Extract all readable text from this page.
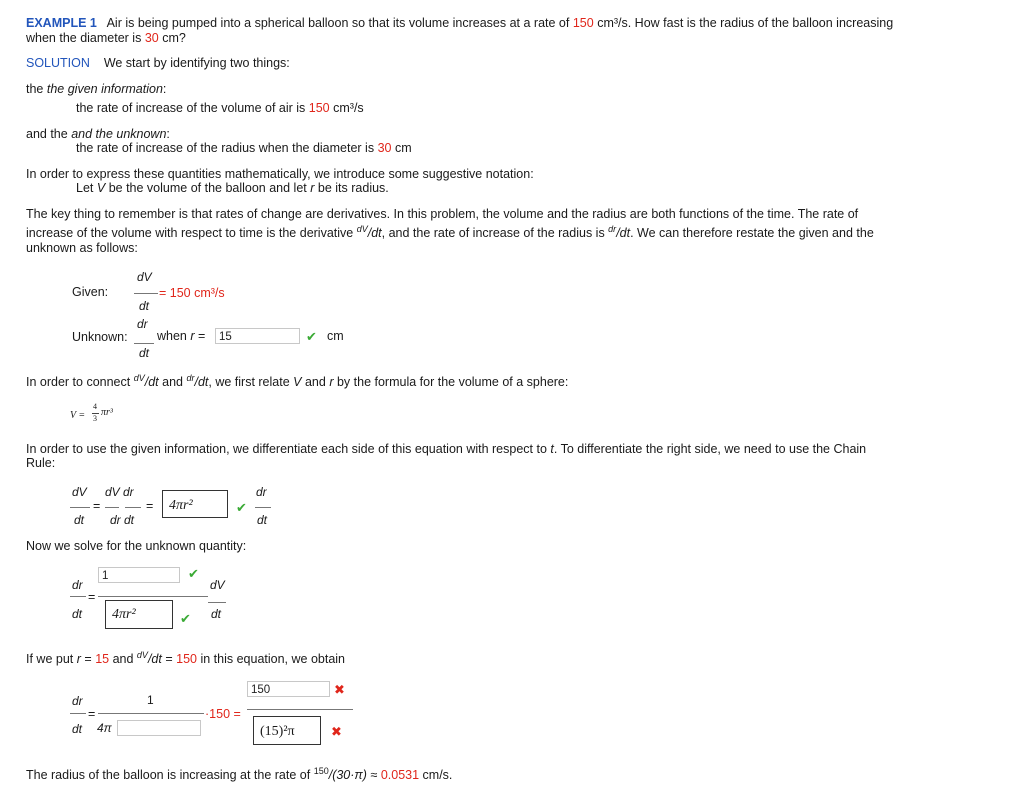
EXAMPLE 1 Air is being pumped into a spherical balloon so that its volume increases at a rate of 150 cm³/s. How fast is the radius of the balloon increasing
when the diameter is 30 cm?
SOLUTION We start by identifying two things:
the the given information:
the rate of increase of the volume of air is 150 cm³/s
and the and the unknown:
the rate of increase of the radius when the diameter is 30 cm
In order to express these quantities mathematically, we introduce some suggestive notation:
Let V be the volume of the balloon and let r be its radius.
The key thing to remember is that rates of change are derivatives. In this problem, the volume and the radius are both functions of the time. The rate of
increase of the volume with respect to time is the derivative $^{dV}$/dt, and the rate of increase of the radius is $^{dr}$/dt. We can therefore restate the given and the
unknown as follows:
Given:
dV
dt
= 150 cm³/s
dr
Unknown:
dt
when r =	15	✔ cm
In order to connect $^{dV}$/dt and $^{dr}$/dt, we first relate V and r by the formula for the volume of a sphere:
V =
4
3
πr³
In order to use the given information, we differentiate each side of this equation with respect to t. To differentiate the right side, we need to use the Chain
Rule:
dV dV dr	dr
=	=	4πr²	✔
dt dr dt	dt
Now we solve for the unknown quantity:
1	✔
dr	dV
=
dt	4πr²	✔ dt
If we put r = 15 and $^{dV}$/dt = 150 in this equation, we obtain
150	✖
dr	1
=	·150 =
dt 4π	(15)²π	✖
The radius of the balloon is increasing at the rate of $^{150}$/(30·π) ≈ 0.0531 cm/s.
